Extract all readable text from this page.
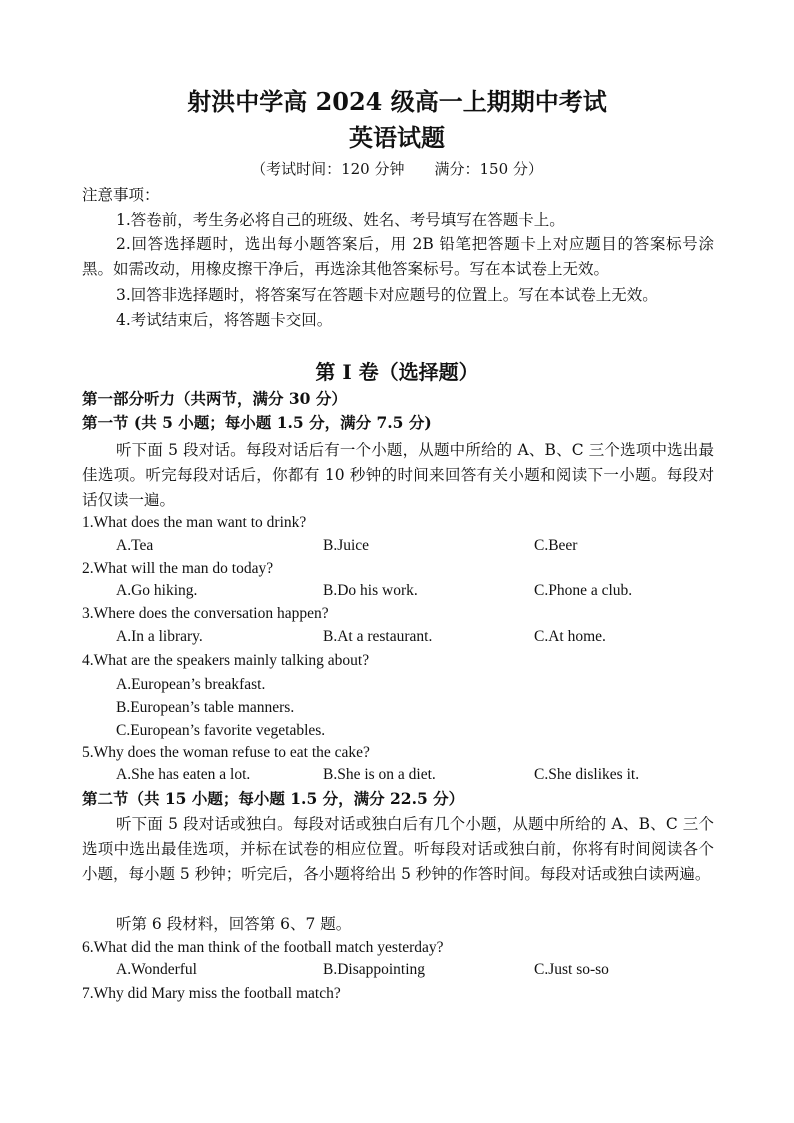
射洪中学高 2024 级高一上期期中考试
英语试题
（考试时间：120 分钟　　满分：150 分）
注意事项：
1.答卷前，考生务必将自己的班级、姓名、考号填写在答题卡上。
2.回答选择题时，选出每小题答案后，用 2B 铅笔把答题卡上对应题目的答案标号涂黑。如需改动，用橡皮擦干净后，再选涂其他答案标号。写在本试卷上无效。
3.回答非选择题时，将答案写在答题卡对应题号的位置上。写在本试卷上无效。
4.考试结束后，将答题卡交回。
第 I 卷（选择题）
第一部分听力（共两节，满分 30 分）
第一节 (共 5 小题；每小题 1.5 分，满分 7.5 分)
听下面 5 段对话。每段对话后有一个小题，从题中所给的 A、B、C 三个选项中选出最佳选项。听完每段对话后，你都有 10 秒钟的时间来回答有关小题和阅读下一小题。每段对话仅读一遍。
1.What does the man want to drink?
A.Tea	B.Juice	C.Beer
2.What will the man do today?
A.Go hiking.	B.Do his work.	C.Phone a club.
3.Where does the conversation happen?
A.In a library.	B.At a restaurant.	C.At home.
4.What are the speakers mainly talking about?
A.European’s breakfast.
B.European’s table manners.
C.European’s favorite vegetables.
5.Why does the woman refuse to eat the cake?
A.She has eaten a lot.	B.She is on a diet.	C.She dislikes it.
第二节（共 15 小题；每小题 1.5 分，满分 22.5 分）
听下面 5 段对话或独白。每段对话或独白后有几个小题，从题中所给的 A、B、C 三个选项中选出最佳选项，并标在试卷的相应位置。听每段对话或独白前，你将有时间阅读各个小题，每小题 5 秒钟；听完后，各小题将给出 5 秒钟的作答时间。每段对话或独白读两遍。
听第 6 段材料，回答第 6、7 题。
6.What did the man think of the football match yesterday?
A.Wonderful	B.Disappointing	C.Just so-so
7.Why did Mary miss the football match?
